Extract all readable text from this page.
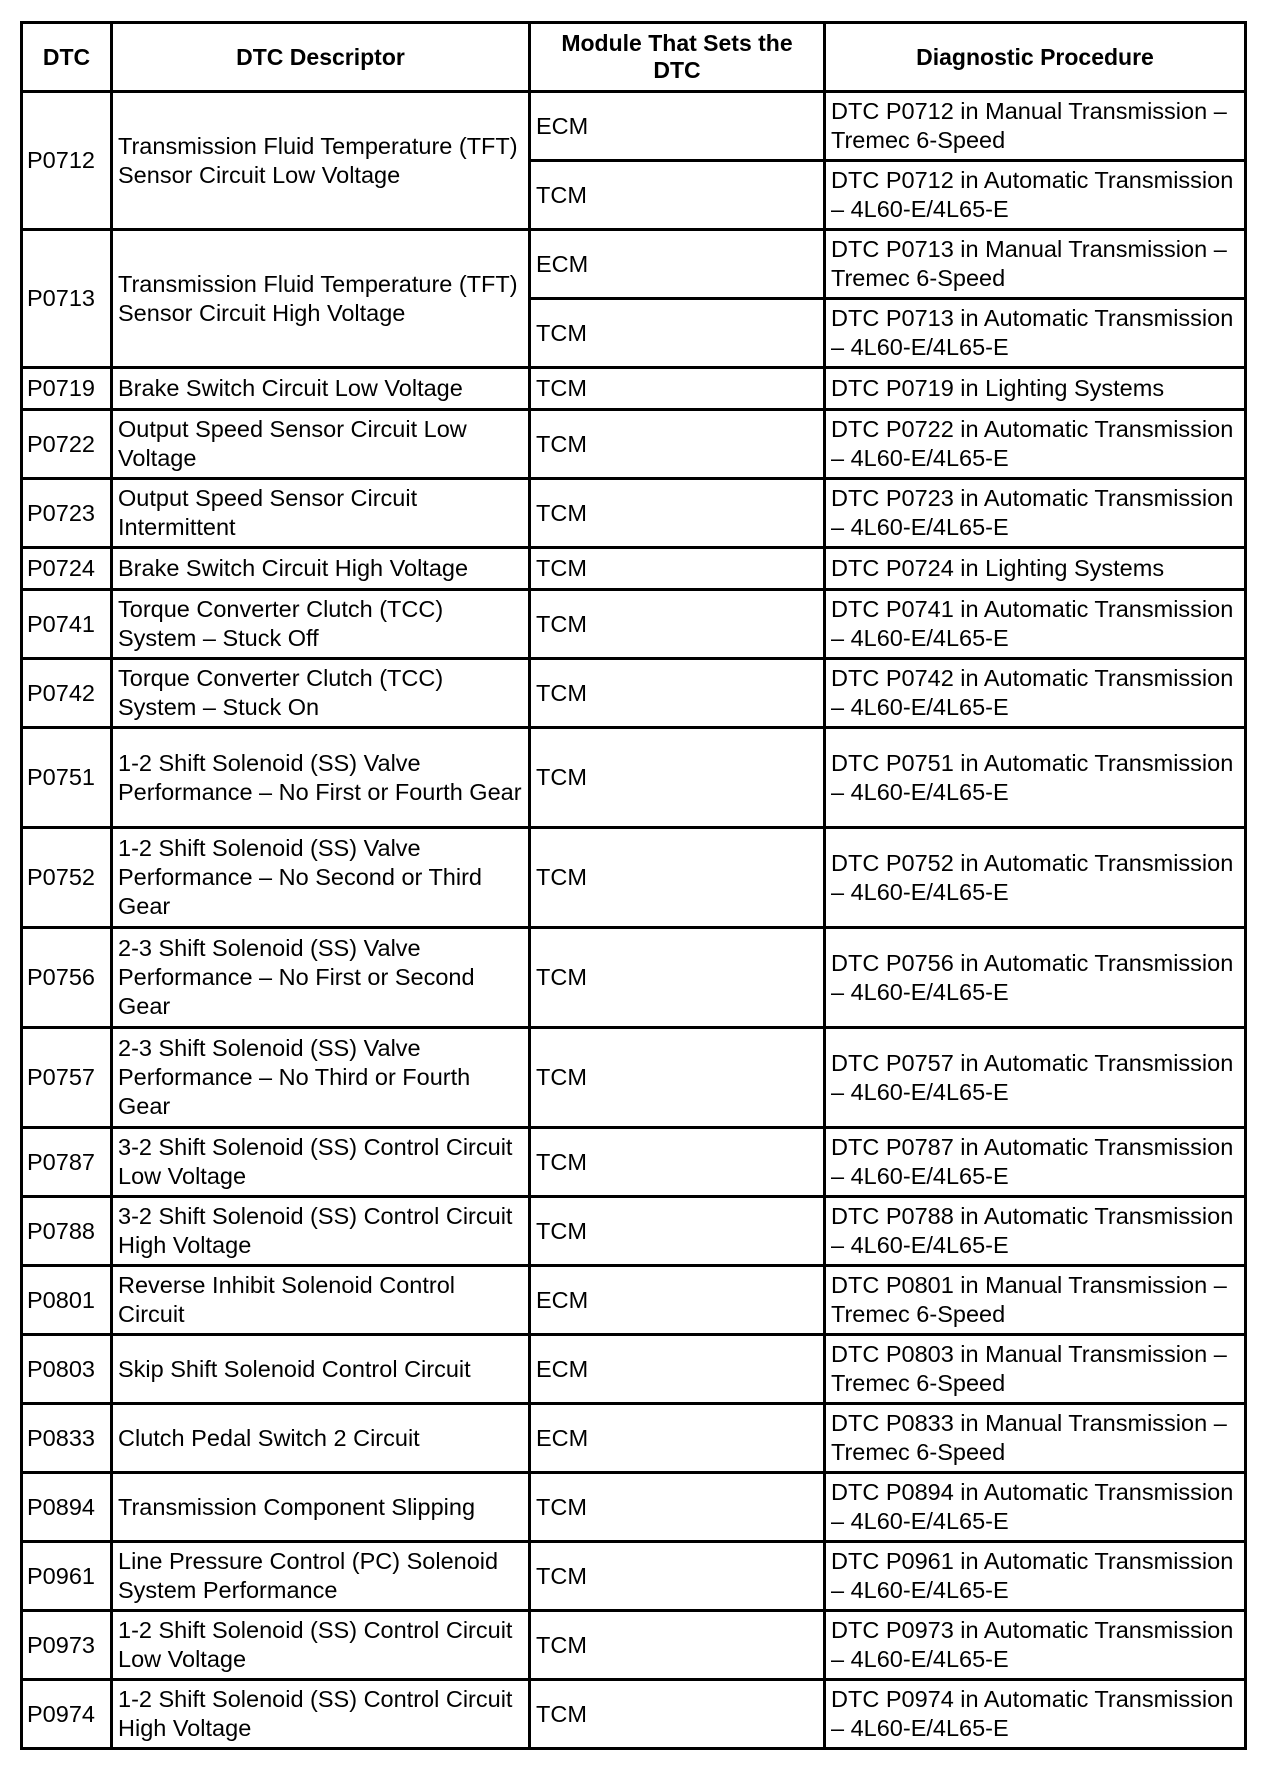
DTC	DTC Descriptor	Module That Sets the DTC	Diagnostic Procedure
P0712	Transmission Fluid Temperature (TFT) Sensor Circuit Low Voltage	ECM	DTC P0712 in Manual Transmission – Tremec 6-Speed
		TCM	DTC P0712 in Automatic Transmission – 4L60-E/4L65-E
P0713	Transmission Fluid Temperature (TFT) Sensor Circuit High Voltage	ECM	DTC P0713 in Manual Transmission – Tremec 6-Speed
		TCM	DTC P0713 in Automatic Transmission – 4L60-E/4L65-E
P0719	Brake Switch Circuit Low Voltage	TCM	DTC P0719 in Lighting Systems
P0722	Output Speed Sensor Circuit Low Voltage	TCM	DTC P0722 in Automatic Transmission – 4L60-E/4L65-E
P0723	Output Speed Sensor Circuit Intermittent	TCM	DTC P0723 in Automatic Transmission – 4L60-E/4L65-E
P0724	Brake Switch Circuit High Voltage	TCM	DTC P0724 in Lighting Systems
P0741	Torque Converter Clutch (TCC) System – Stuck Off	TCM	DTC P0741 in Automatic Transmission – 4L60-E/4L65-E
P0742	Torque Converter Clutch (TCC) System – Stuck On	TCM	DTC P0742 in Automatic Transmission – 4L60-E/4L65-E
P0751	1-2 Shift Solenoid (SS) Valve Performance – No First or Fourth Gear	TCM	DTC P0751 in Automatic Transmission – 4L60-E/4L65-E
P0752	1-2 Shift Solenoid (SS) Valve Performance – No Second or Third Gear	TCM	DTC P0752 in Automatic Transmission – 4L60-E/4L65-E
P0756	2-3 Shift Solenoid (SS) Valve Performance – No First or Second Gear	TCM	DTC P0756 in Automatic Transmission – 4L60-E/4L65-E
P0757	2-3 Shift Solenoid (SS) Valve Performance – No Third or Fourth Gear	TCM	DTC P0757 in Automatic Transmission – 4L60-E/4L65-E
P0787	3-2 Shift Solenoid (SS) Control Circuit Low Voltage	TCM	DTC P0787 in Automatic Transmission – 4L60-E/4L65-E
P0788	3-2 Shift Solenoid (SS) Control Circuit High Voltage	TCM	DTC P0788 in Automatic Transmission – 4L60-E/4L65-E
P0801	Reverse Inhibit Solenoid Control Circuit	ECM	DTC P0801 in Manual Transmission – Tremec 6-Speed
P0803	Skip Shift Solenoid Control Circuit	ECM	DTC P0803 in Manual Transmission – Tremec 6-Speed
P0833	Clutch Pedal Switch 2 Circuit	ECM	DTC P0833 in Manual Transmission – Tremec 6-Speed
P0894	Transmission Component Slipping	TCM	DTC P0894 in Automatic Transmission – 4L60-E/4L65-E
P0961	Line Pressure Control (PC) Solenoid System Performance	TCM	DTC P0961 in Automatic Transmission – 4L60-E/4L65-E
P0973	1-2 Shift Solenoid (SS) Control Circuit Low Voltage	TCM	DTC P0973 in Automatic Transmission – 4L60-E/4L65-E
P0974	1-2 Shift Solenoid (SS) Control Circuit High Voltage	TCM	DTC P0974 in Automatic Transmission – 4L60-E/4L65-E
